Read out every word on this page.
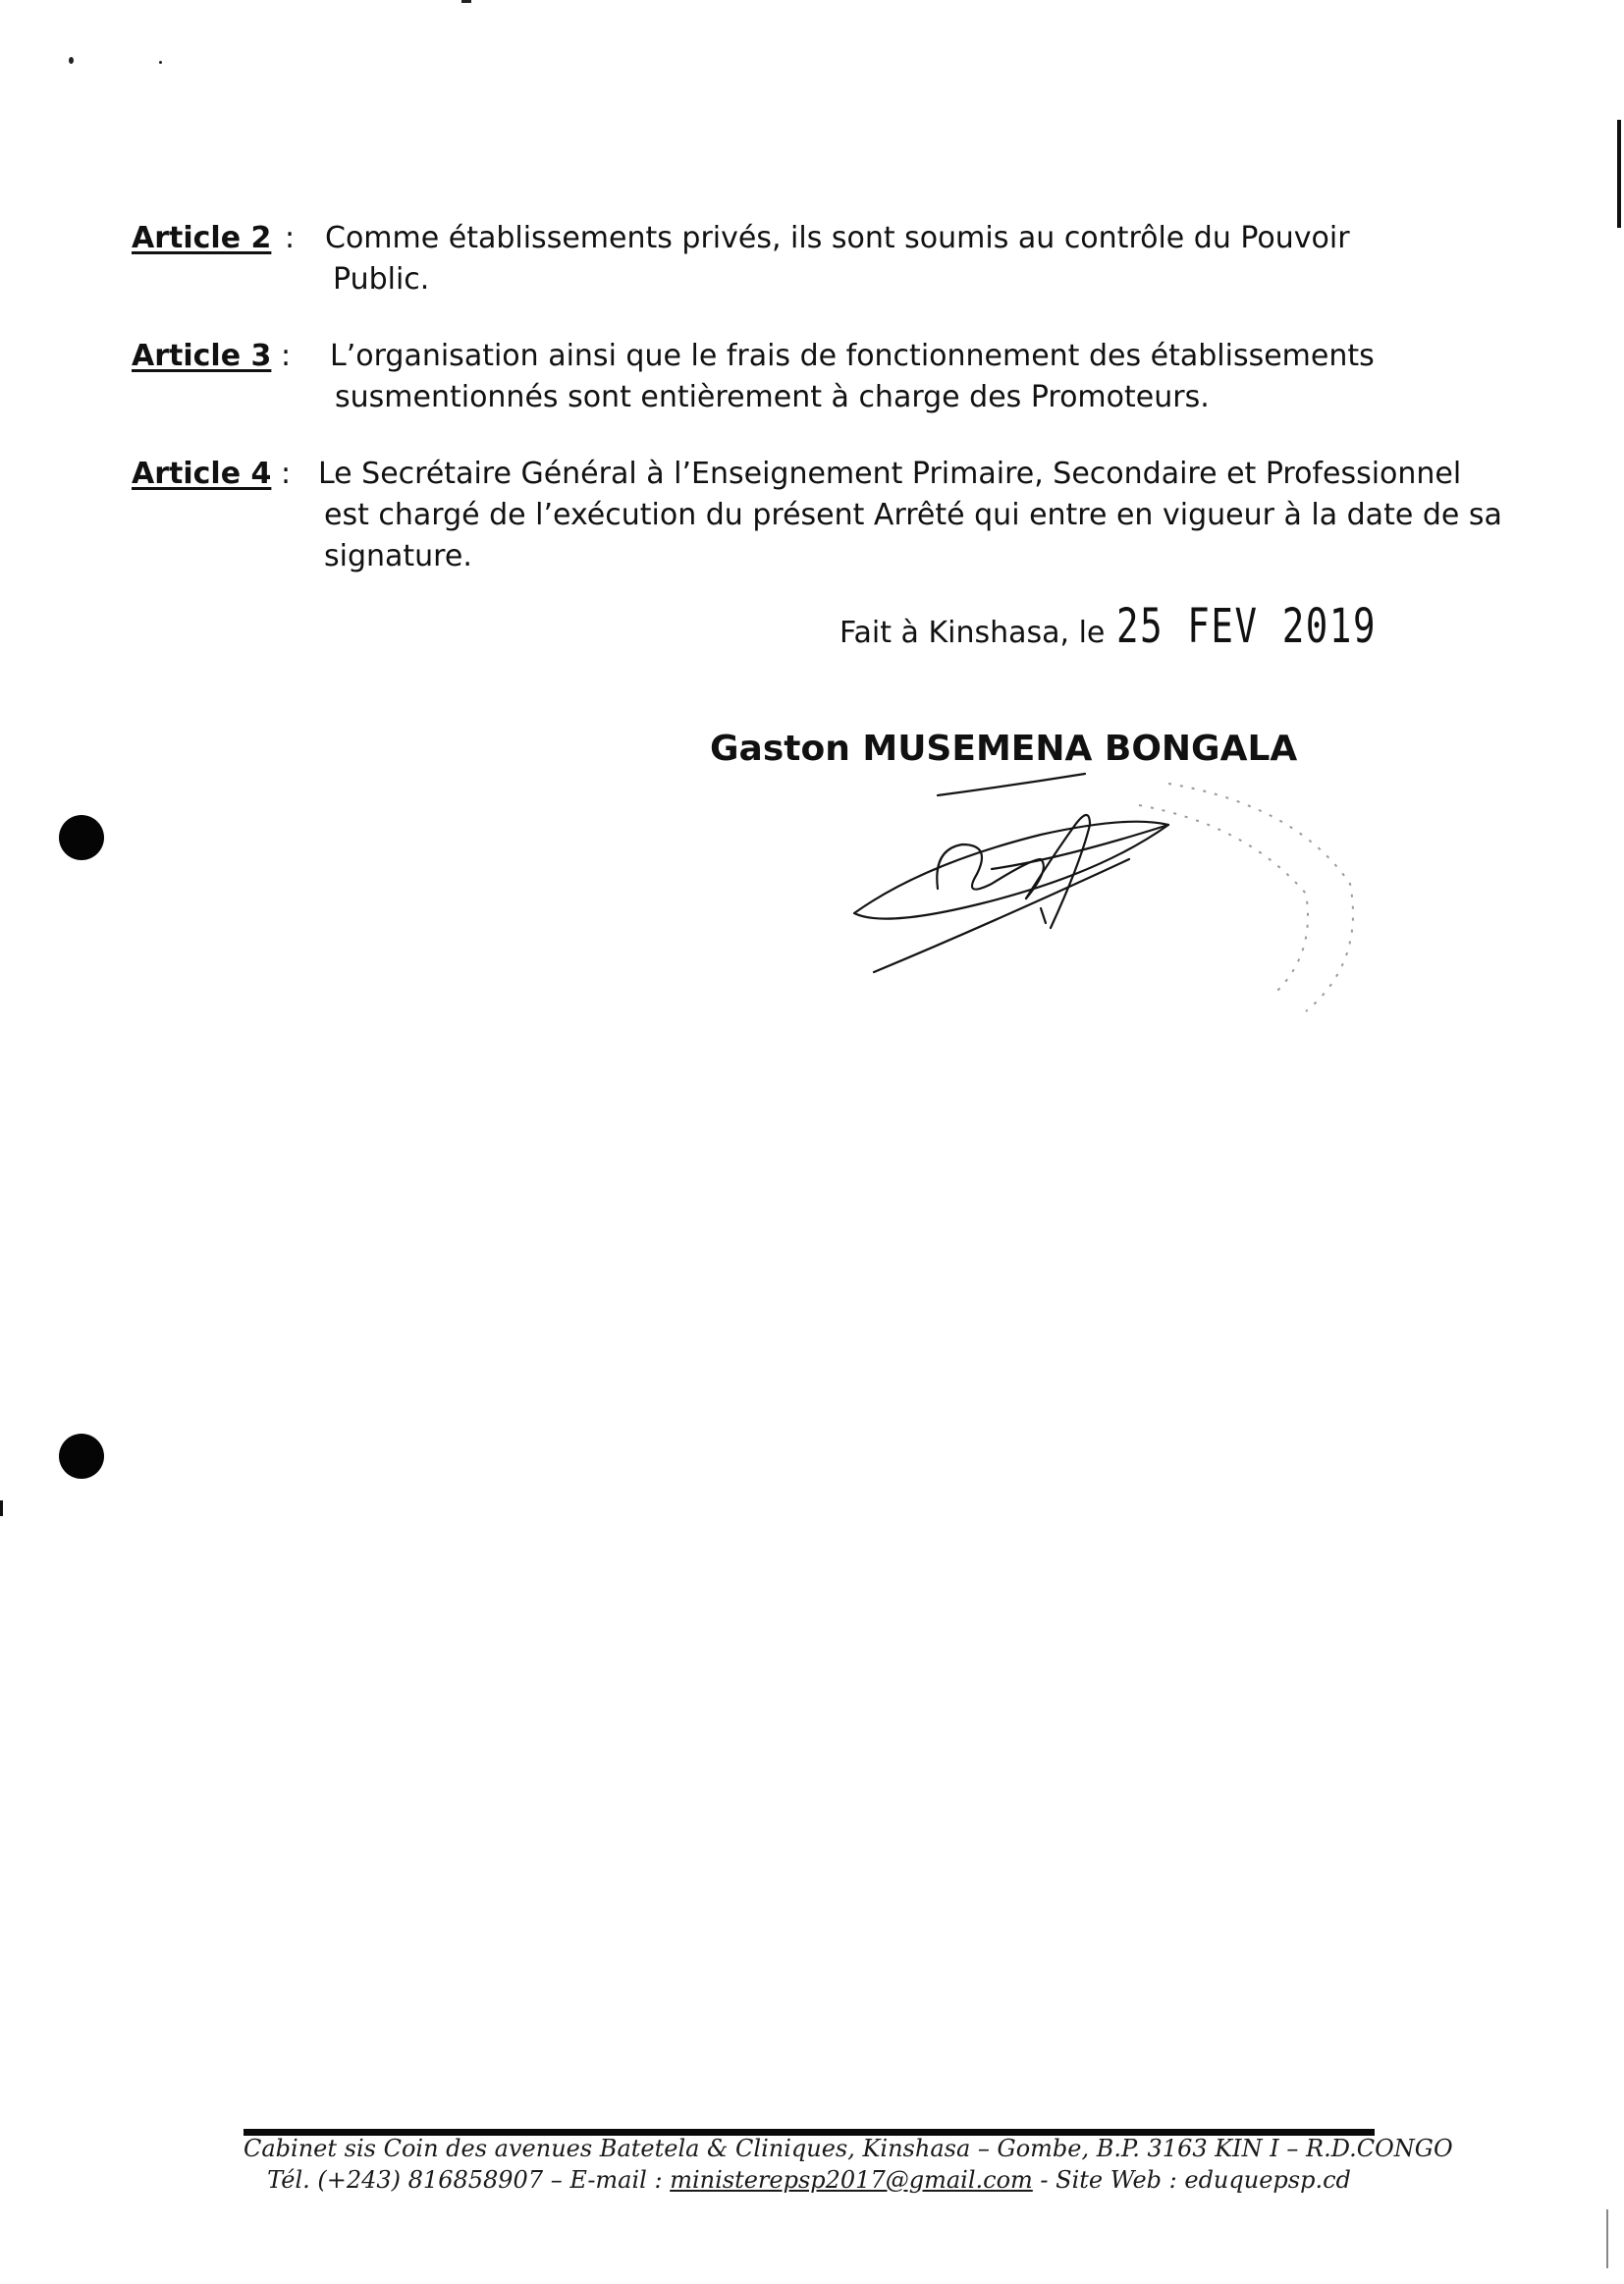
Article 2 : Comme établissements privés, ils sont soumis au contrôle du Pouvoir
Public.
Article 3 : L’organisation ainsi que le frais de fonctionnement des établissements
susmentionnés sont entièrement à charge des Promoteurs.
Article 4 : Le Secrétaire Général à l’Enseignement Primaire, Secondaire et Professionnel
est chargé de l’exécution du présent Arrêté qui entre en vigueur à la date de sa
signature.
Fait à Kinshasa, le 25 FEV 2019
Gaston MUSEMENA BONGALA
Cabinet sis Coin des avenues Batetela & Cliniques, Kinshasa – Gombe, B.P. 3163 KIN I – R.D.CONGO
Tél. (+243) 816858907 – E-mail : ministerepsp2017@gmail.com - Site Web : eduquepsp.cd
